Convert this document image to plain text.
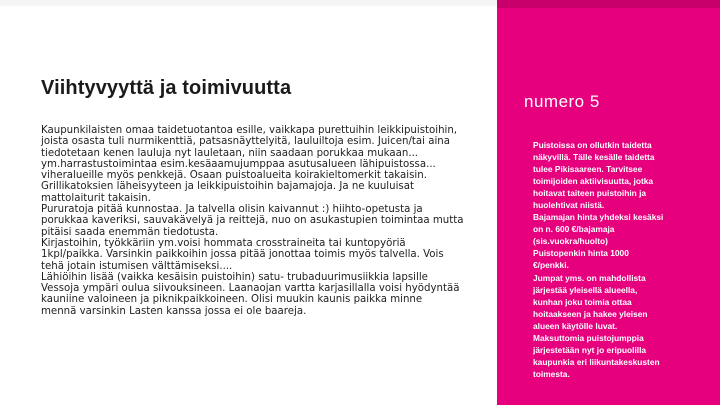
Viihtyvyyttä ja toimivuutta

Kaupunkilaisten omaa taidetuotantoa esille, vaikkapa purettuihin leikkipuistoihin,

joista osasta tuli nurmikenttiä, patsasnäyttelyitä, lauluiltoja esim. Juicen/tai aina

tiedotetaan kenen lauluja nyt lauletaan, niin saadaan porukkaa mukaan...

ym.harrastustoimintaa esim.kesäaamujumppaa asutusalueen lähipuistossa...

viheralueille myös penkkejä. Osaan puistoalueita koirakieltomerkit takaisin.

Grillikatoksien läheisyyteen ja leikkipuistoihin bajamajoja. Ja ne kuuluisat

mattolaiturit takaisin.

Pururatoja pitää kunnostaa. Ja talvella olisin kaivannut :) hiihto-opetusta ja

porukkaa kaveriksi, sauvakävelyä ja reittejä, nuo on asukastupien toimintaa mutta

pitäisi saada enemmän tiedotusta.

Kirjastoihin, työkkäriin ym.voisi hommata crosstraineita tai kuntopyöriä

1kpl/paikka. Varsinkin paikkoihin jossa pitää jonottaa toimis myös talvella. Vois

tehä jotain istumisen välttämiseksi....

Lähiöihin lisää (vaikka kesäisin puistoihin) satu- trubaduurimusiikkia lapsille

Vessoja ympäri oulua siivouksineen. Laanaojan vartta karjasillalla voisi hyödyntää

kauniine valoineen ja piknikpaikkoineen. Olisi muukin kaunis paikka minne

mennä varsinkin Lasten kanssa jossa ei ole baareja.

numero 5

Puistoissa on ollutkin taidetta

näkyvillä. Tälle kesälle taidetta

tulee Pikisaareen. Tarvitsee

toimijoiden aktiivisuutta, jotka

hoitavat taiteen puistoihin ja

huolehtivat niistä.

Bajamajan hinta yhdeksi kesäksi

on n. 600 €/bajamaja

(sis.vuokra/huolto)

Puistopenkin hinta 1000

€/penkki.

Jumpat yms. on mahdollista

järjestää yleisellä alueella,

kunhan joku toimia ottaa

hoitaakseen ja hakee yleisen

alueen käytölle luvat.

Maksuttomia puistojumppia

järjestetään nyt jo eripuolilla

kaupunkia eri liikuntakeskusten

toimesta.
